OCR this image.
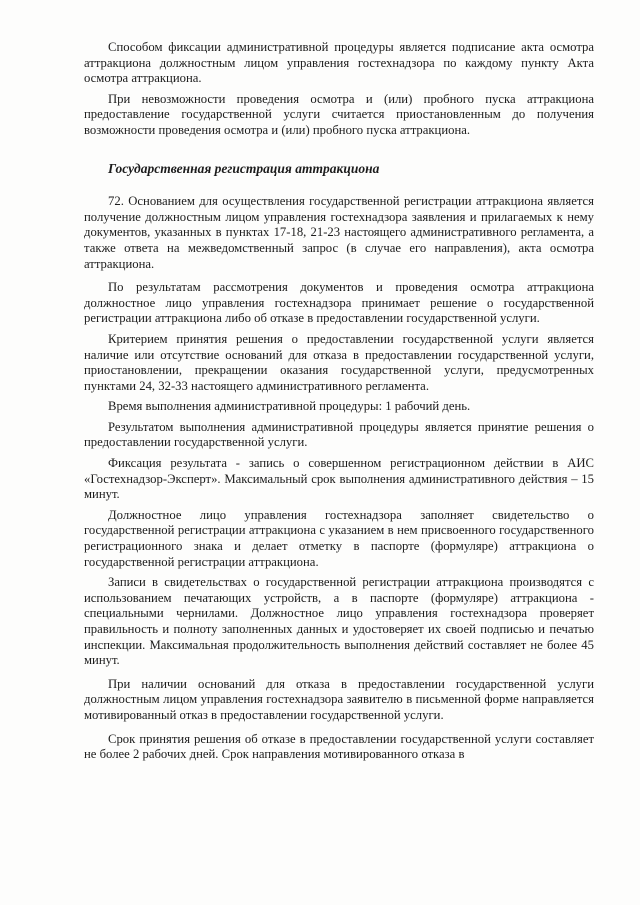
Способом фиксации административной процедуры является подписание акта осмотра аттракциона должностным лицом управления гостехнадзора по каждому пункту Акта осмотра аттракциона.

При невозможности проведения осмотра и (или) пробного пуска аттракциона предоставление государственной услуги считается приостановленным до получения возможности проведения осмотра и (или) пробного пуска аттракциона.

Государственная регистрация аттракциона

72. Основанием для осуществления государственной регистрации аттракциона является получение должностным лицом управления гостехнадзора заявления и прилагаемых к нему документов, указанных в пунктах 17-18, 21-23 настоящего административного регламента, а также ответа на межведомственный запрос (в случае его направления), акта осмотра аттракциона.

По результатам рассмотрения документов и проведения осмотра аттракциона должностное лицо управления гостехнадзора принимает решение о государственной регистрации аттракциона либо об отказе в предоставлении государственной услуги.

Критерием принятия решения о предоставлении государственной услуги является наличие или отсутствие оснований для отказа в предоставлении государственной услуги, приостановлении, прекращении оказания государственной услуги, предусмотренных пунктами 24, 32-33 настоящего административного регламента.

Время выполнения административной процедуры: 1 рабочий день.

Результатом выполнения административной процедуры является принятие решения о предоставлении государственной услуги.

Фиксация результата - запись о совершенном регистрационном действии в АИС «Гостехнадзор-Эксперт». Максимальный срок выполнения административного действия – 15 минут.

Должностное лицо управления гостехнадзора заполняет свидетельство о государственной регистрации аттракциона с указанием в нем присвоенного государственного регистрационного знака и делает отметку в паспорте (формуляре) аттракциона о государственной регистрации аттракциона.

Записи в свидетельствах о государственной регистрации аттракциона производятся с использованием печатающих устройств, а в паспорте (формуляре) аттракциона - специальными чернилами. Должностное лицо управления гостехнадзора проверяет правильность и полноту заполненных данных и удостоверяет их своей подписью и печатью инспекции. Максимальная продолжительность выполнения действий составляет не более 45 минут.

При наличии оснований для отказа в предоставлении государственной услуги должностным лицом управления гостехнадзора заявителю в письменной форме направляется мотивированный отказ в предоставлении государственной услуги.

Срок принятия решения об отказе в предоставлении государственной услуги составляет не более 2 рабочих дней. Срок направления мотивированного отказа в
